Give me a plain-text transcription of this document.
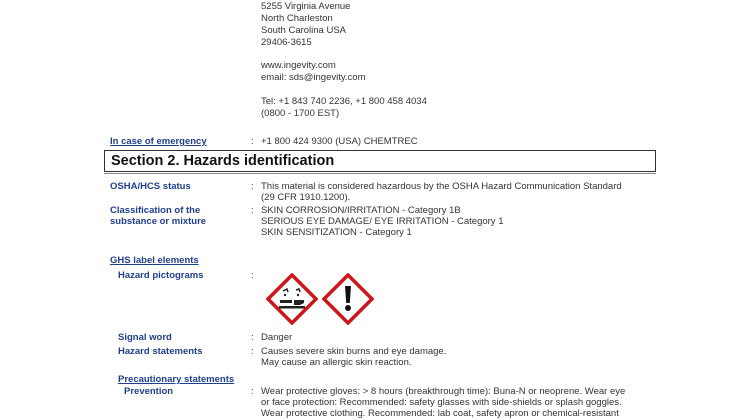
5255 Virginia Avenue
North Charleston
South Carolina USA
29406-3615
www.ingevity.com
email: sds@ingevity.com
Tel: +1 843 740 2236, +1 800 458 4034
(0800 - 1700 EST)
In case of emergency	: +1 800 424 9300 (USA) CHEMTREC
Section 2. Hazards identification
OSHA/HCS status	: This material is considered hazardous by the OSHA Hazard Communication Standard
(29 CFR 1910.1200).
Classification of the
substance or mixture
: SKIN CORROSION/IRRITATION - Category 1B
SERIOUS EYE DAMAGE/ EYE IRRITATION - Category 1
SKIN SENSITIZATION - Category 1
GHS label elements
Hazard pictograms	:
Signal word	: Danger
Hazard statements	: Causes severe skin burns and eye damage.
May cause an allergic skin reaction.
Precautionary statements
Prevention	: Wear protective gloves: > 8 hours (breakthrough time): Buna-N or neoprene. Wear eye
or face protection: Recommended: safety glasses with side-shields or splash goggles.
Wear protective clothing. Recommended: lab coat, safety apron or chemical-resistant
